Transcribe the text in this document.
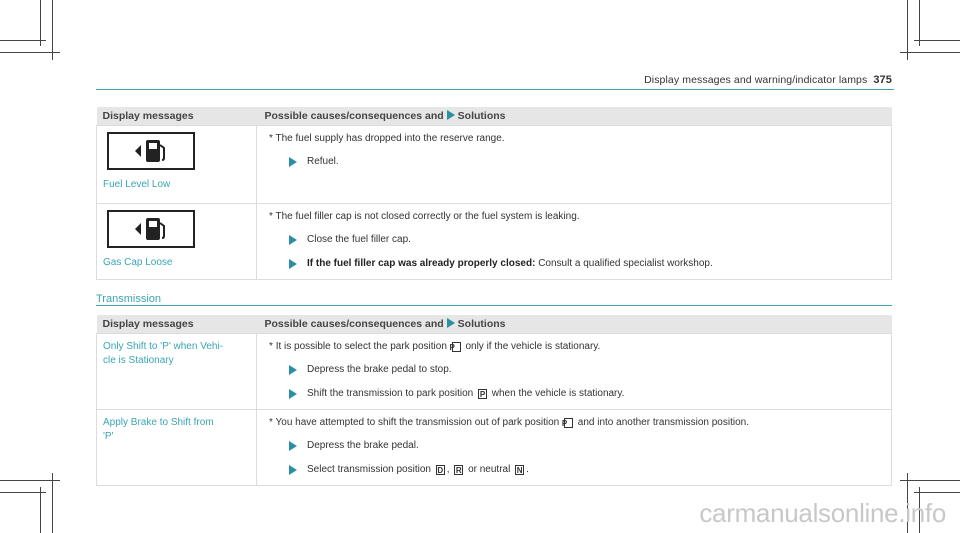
Display messages and warning/indicator lamps 375
Display messages	Possible causes/consequences and Solutions

Fuel Level Low	* The fuel supply has dropped into the reserve range.
Refuel.

Gas Cap Loose	* The fuel filler cap is not closed correctly or the fuel system is leaking.
Close the fuel filler cap.
If the fuel filler cap was already properly closed: Consult a qualified specialist workshop.
Transmission
Display messages	Possible causes/consequences and Solutions

Only Shift to 'P' when Vehi-
cle is Stationary	* It is possible to select the park position P only if the vehicle is stationary.
Depress the brake pedal to stop.
Shift the transmission to park position P when the vehicle is stationary.

Apply Brake to Shift from
'P'	* You have attempted to shift the transmission out of park position P and into another transmission position.
Depress the brake pedal.
Select transmission position D , R or neutral N .
carmanualsonline.info
